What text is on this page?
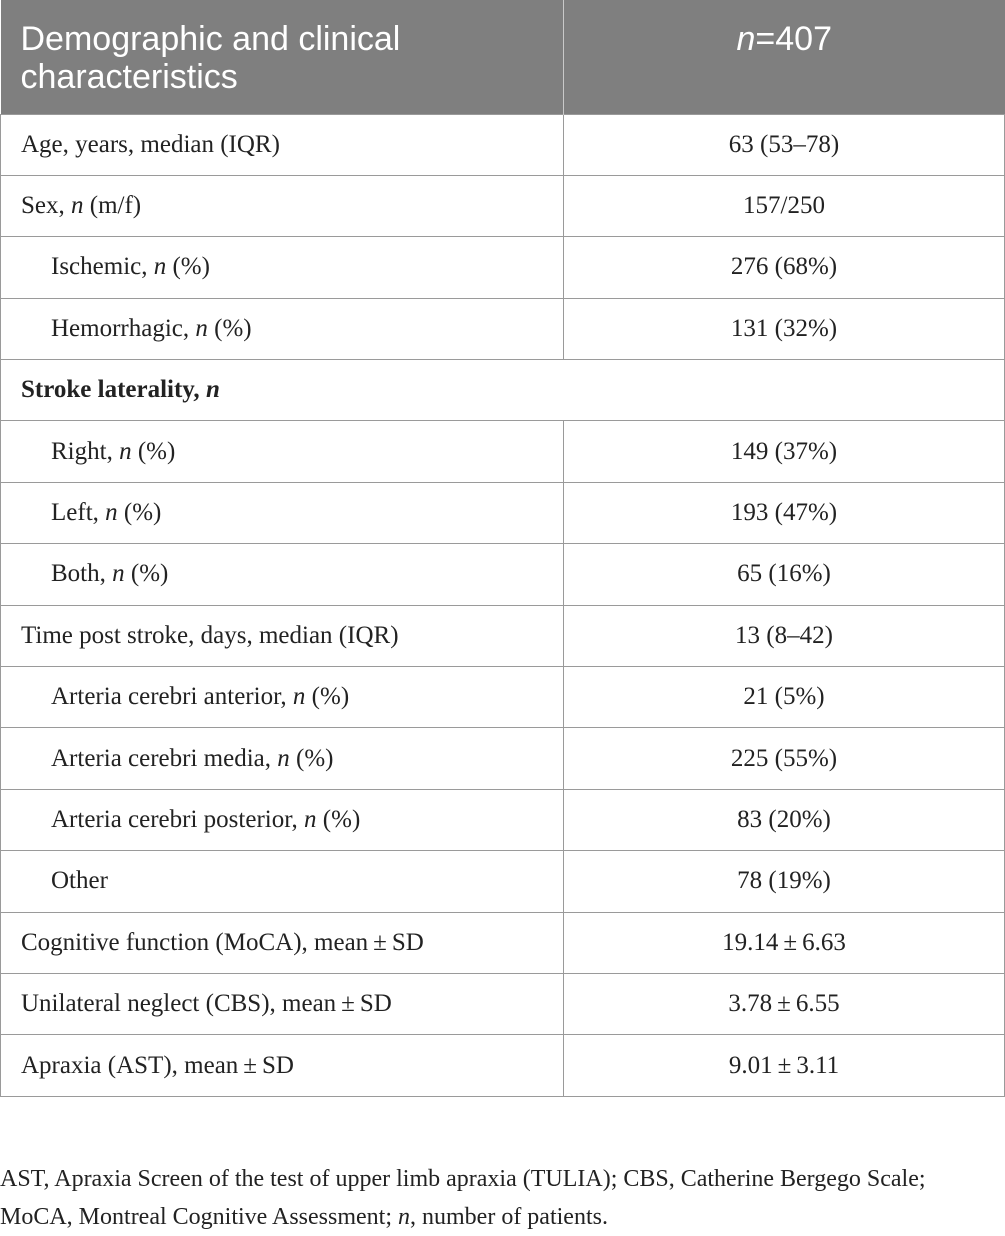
Demographic and clinical characteristics	n=407
Age, years, median (IQR)	63 (53–78)
Sex, n (m/f)	157/250
Ischemic, n (%)	276 (68%)
Hemorrhagic, n (%)	131 (32%)
Stroke laterality, n	
Right, n (%)	149 (37%)
Left, n (%)	193 (47%)
Both, n (%)	65 (16%)
Time post stroke, days, median (IQR)	13 (8–42)
Arteria cerebri anterior, n (%)	21 (5%)
Arteria cerebri media, n (%)	225 (55%)
Arteria cerebri posterior, n (%)	83 (20%)
Other	78 (19%)
Cognitive function (MoCA), mean ± SD	19.14 ± 6.63
Unilateral neglect (CBS), mean ± SD	3.78 ± 6.55
Apraxia (AST), mean ± SD	9.01 ± 3.11
AST, Apraxia Screen of the test of upper limb apraxia (TULIA); CBS, Catherine Bergego Scale; MoCA, Montreal Cognitive Assessment; n, number of patients.
